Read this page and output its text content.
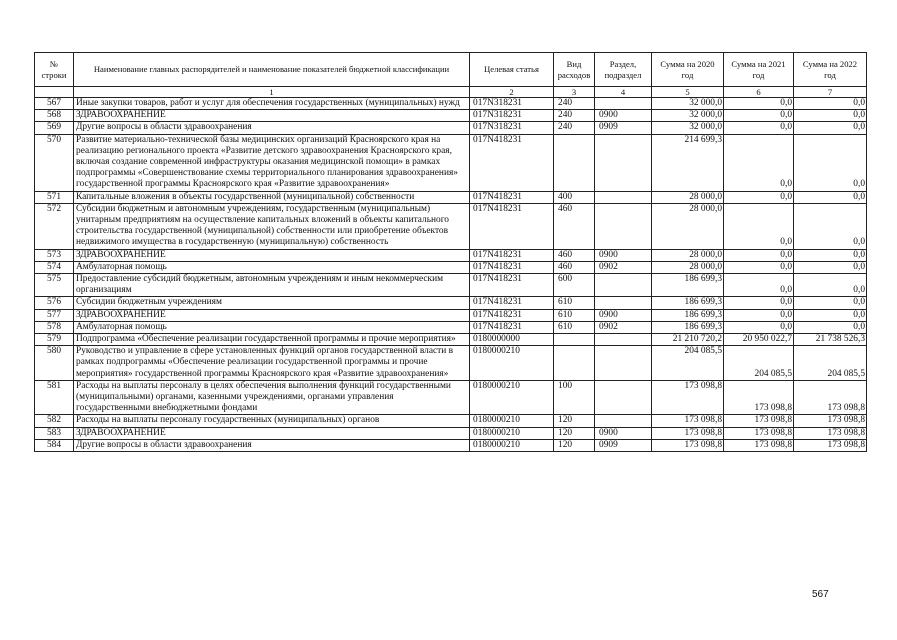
№ строки	Наименование главных распорядителей и наименование показателей бюджетной классификации	Целевая статья	Вид расходов	Раздел, подраздел	Сумма на 2020 год	Сумма на 2021 год	Сумма на 2022 год
	1	2	3	4	5	6	7
567	Иные закупки товаров, работ и услуг для обеспечения государственных (муниципальных) нужд	017N318231	240		32 000,0	0,0	0,0
568	ЗДРАВООХРАНЕНИЕ	017N318231	240	0900	32 000,0	0,0	0,0
569	Другие вопросы в области здравоохранения	017N318231	240	0909	32 000,0	0,0	0,0
570	Развитие материально-технической базы медицинских организаций Красноярского края на реализацию регионального проекта «Развитие детского здравоохранения Красноярского края, включая создание современной инфраструктуры оказания медицинской помощи» в рамках подпрограммы «Совершенствование схемы территориального планирования здравоохранения» государственной программы Красноярского края «Развитие здравоохранения»	017N418231			214 699,3	0,0	0,0
571	Капитальные вложения в объекты государственной (муниципальной) собственности	017N418231	400		28 000,0	0,0	0,0
572	Субсидии бюджетным и автономным учреждениям, государственным (муниципальным) унитарным предприятиям на осуществление капитальных вложений в объекты капитального строительства государственной (муниципальной) собственности или приобретение объектов недвижимого имущества в государственную (муниципальную) собственность	017N418231	460		28 000,0	0,0	0,0
573	ЗДРАВООХРАНЕНИЕ	017N418231	460	0900	28 000,0	0,0	0,0
574	Амбулаторная помощь	017N418231	460	0902	28 000,0	0,0	0,0
575	Предоставление субсидий бюджетным, автономным учреждениям и иным некоммерческим организациям	017N418231	600		186 699,3	0,0	0,0
576	Субсидии бюджетным учреждениям	017N418231	610		186 699,3	0,0	0,0
577	ЗДРАВООХРАНЕНИЕ	017N418231	610	0900	186 699,3	0,0	0,0
578	Амбулаторная помощь	017N418231	610	0902	186 699,3	0,0	0,0
579	Подпрограмма «Обеспечение реализации государственной программы и прочие мероприятия»	0180000000			21 210 720,2	20 950 022,7	21 738 526,3
580	Руководство и управление в сфере установленных функций органов государственной власти в рамках подпрограммы «Обеспечение реализации государственной программы и прочие мероприятия» государственной программы Красноярского края «Развитие здравоохранения»	0180000210			204 085,5	204 085,5	204 085,5
581	Расходы на выплаты персоналу в целях обеспечения выполнения функций государственными (муниципальными) органами, казенными учреждениями, органами управления государственными внебюджетными фондами	0180000210	100		173 098,8	173 098,8	173 098,8
582	Расходы на выплаты персоналу государственных (муниципальных) органов	0180000210	120		173 098,8	173 098,8	173 098,8
583	ЗДРАВООХРАНЕНИЕ	0180000210	120	0900	173 098,8	173 098,8	173 098,8
584	Другие вопросы в области здравоохранения	0180000210	120	0909	173 098,8	173 098,8	173 098,8
567
